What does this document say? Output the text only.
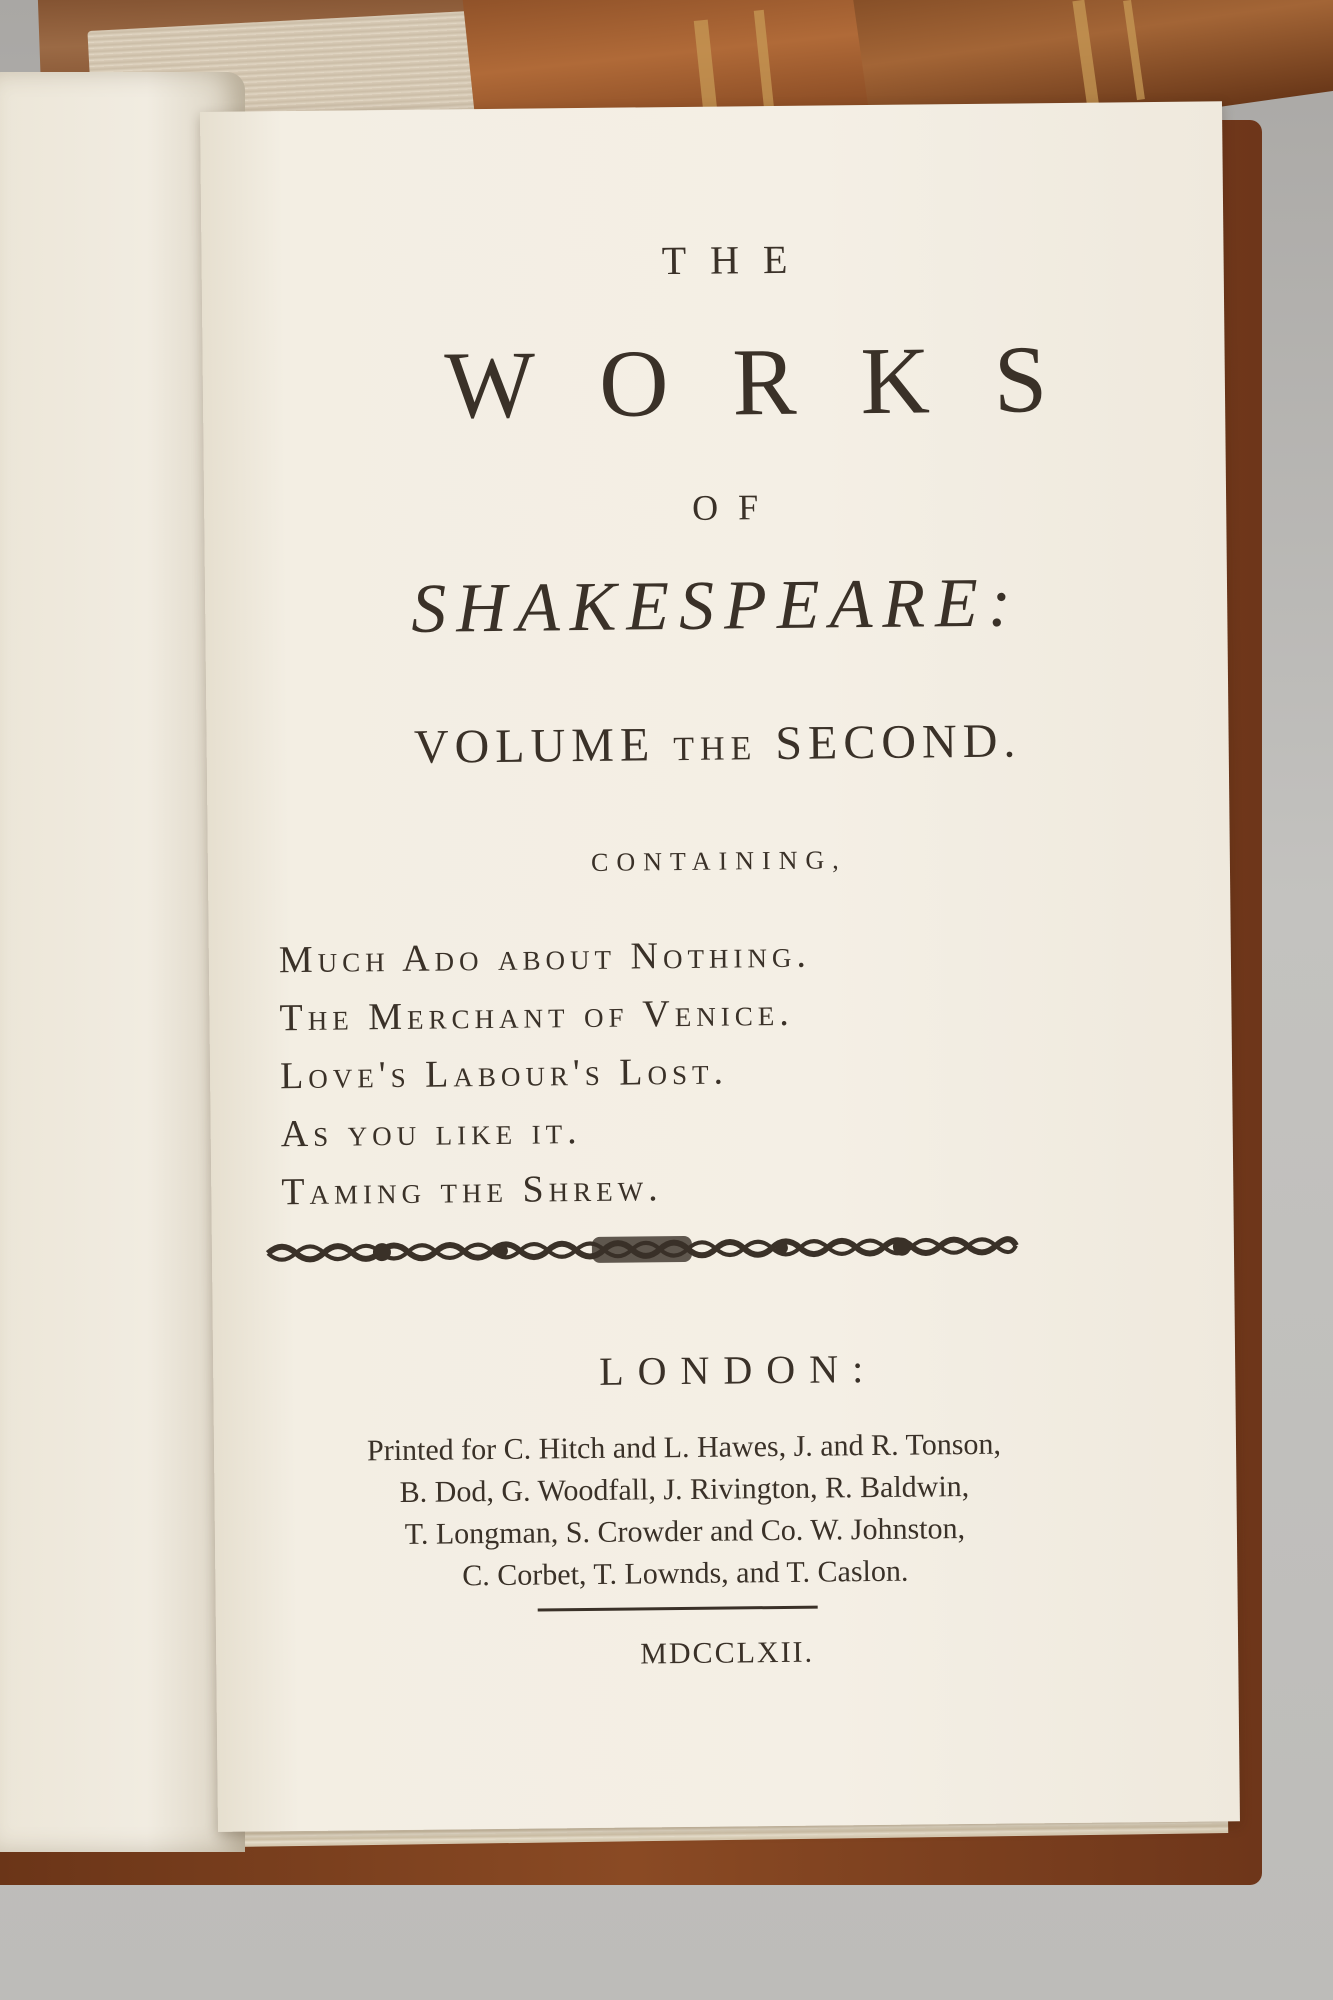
THE
WORKS
OF
SHAKESPEARE:
VOLUME the SECOND.
CONTAINING,
Much Ado about Nothing.
The Merchant of Venice.
Love's Labour's Lost.
As you like it.
Taming the Shrew.
LONDON:
Printed for C. Hitch and L. Hawes, J. and R. Tonson,
B. Dod, G. Woodfall, J. Rivington, R. Baldwin,
T. Longman, S. Crowder and Co. W. Johnston,
C. Corbet, T. Lownds, and T. Caslon.
MDCCLXII.
